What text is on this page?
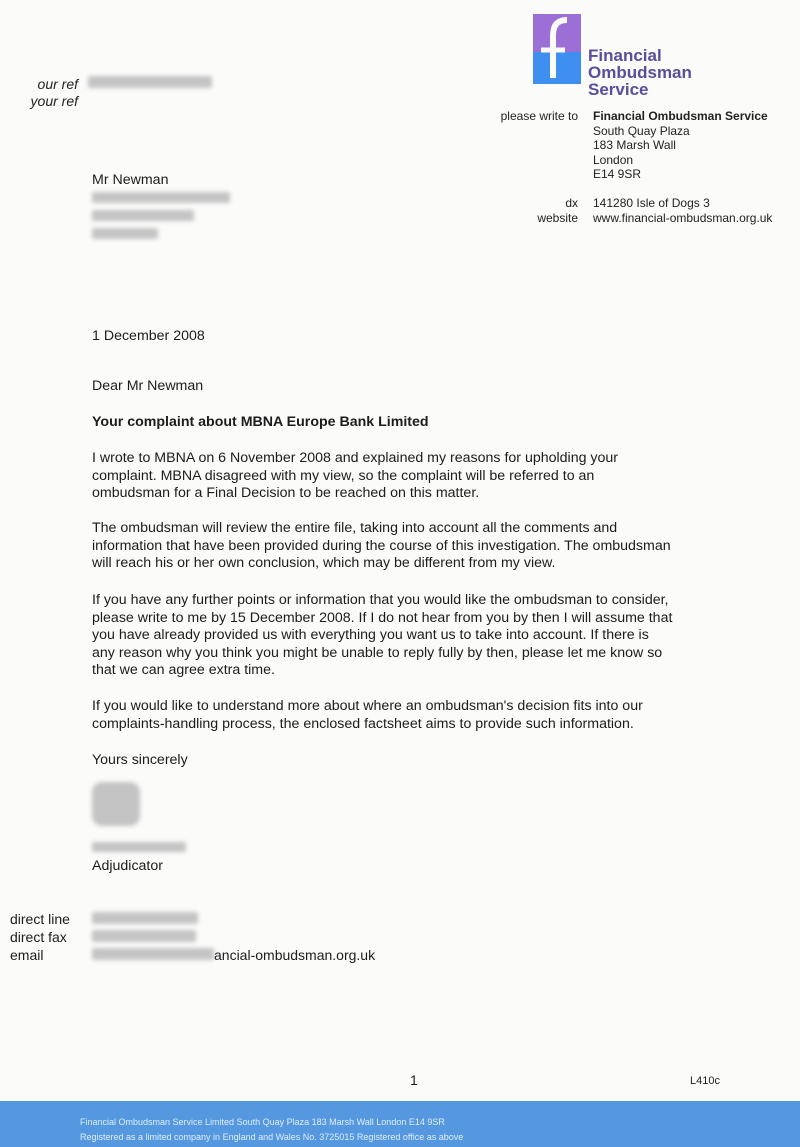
Financial
Ombudsman
Service
our ref
your ref
please write to Financial Ombudsman Service
South Quay Plaza
183 Marsh Wall
London
E14 9SR
dx 141280 Isle of Dogs 3
website www.financial-ombudsman.org.uk
Mr Newman
1 December 2008
Dear Mr Newman
Your complaint about MBNA Europe Bank Limited
I wrote to MBNA on 6 November 2008 and explained my reasons for upholding your
complaint. MBNA disagreed with my view, so the complaint will be referred to an
ombudsman for a Final Decision to be reached on this matter.
The ombudsman will review the entire file, taking into account all the comments and
information that have been provided during the course of this investigation. The ombudsman
will reach his or her own conclusion, which may be different from my view.
If you have any further points or information that you would like the ombudsman to consider,
please write to me by 15 December 2008. If I do not hear from you by then I will assume that
you have already provided us with everything you want us to take into account. If there is
any reason why you think you might be unable to reply fully by then, please let me know so
that we can agree extra time.
If you would like to understand more about where an ombudsman's decision fits into our
complaints-handling process, the enclosed factsheet aims to provide such information.
Yours sincerely
Adjudicator
direct line
direct fax
email	ancial-ombudsman.org.uk
1	L410c
Financial Ombudsman Service Limited South Quay Plaza 183 Marsh Wall London E14 9SR
Registered as a limited company in England and Wales No. 3725015 Registered office as above
